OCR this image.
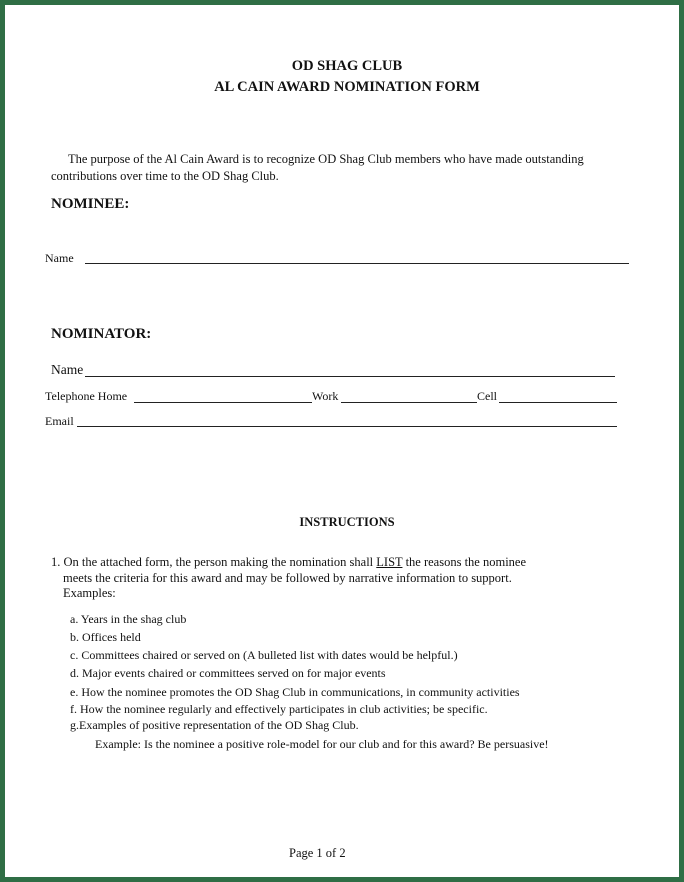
OD SHAG CLUB
AL CAIN AWARD NOMINATION FORM
The purpose of the Al Cain Award is to recognize OD Shag Club members who have made outstanding
contributions over time to the OD Shag Club.
NOMINEE:
Name
NOMINATOR:
Name
Telephone Home	Work	Cell
Email
INSTRUCTIONS
1. On the attached form, the person making the nomination shall LIST the reasons the nominee
meets the criteria for this award and may be followed by narrative information to support.
Examples:
a. Years in the shag club
b. Offices held
c. Committees chaired or served on (A bulleted list with dates would be helpful.)
d. Major events chaired or committees served on for major events
e. How the nominee promotes the OD Shag Club in communications, in community activities
f. How the nominee regularly and effectively participates in club activities; be specific.
g.Examples of positive representation of the OD Shag Club.
Example: Is the nominee a positive role-model for our club and for this award? Be persuasive!
Page 1 of 2
